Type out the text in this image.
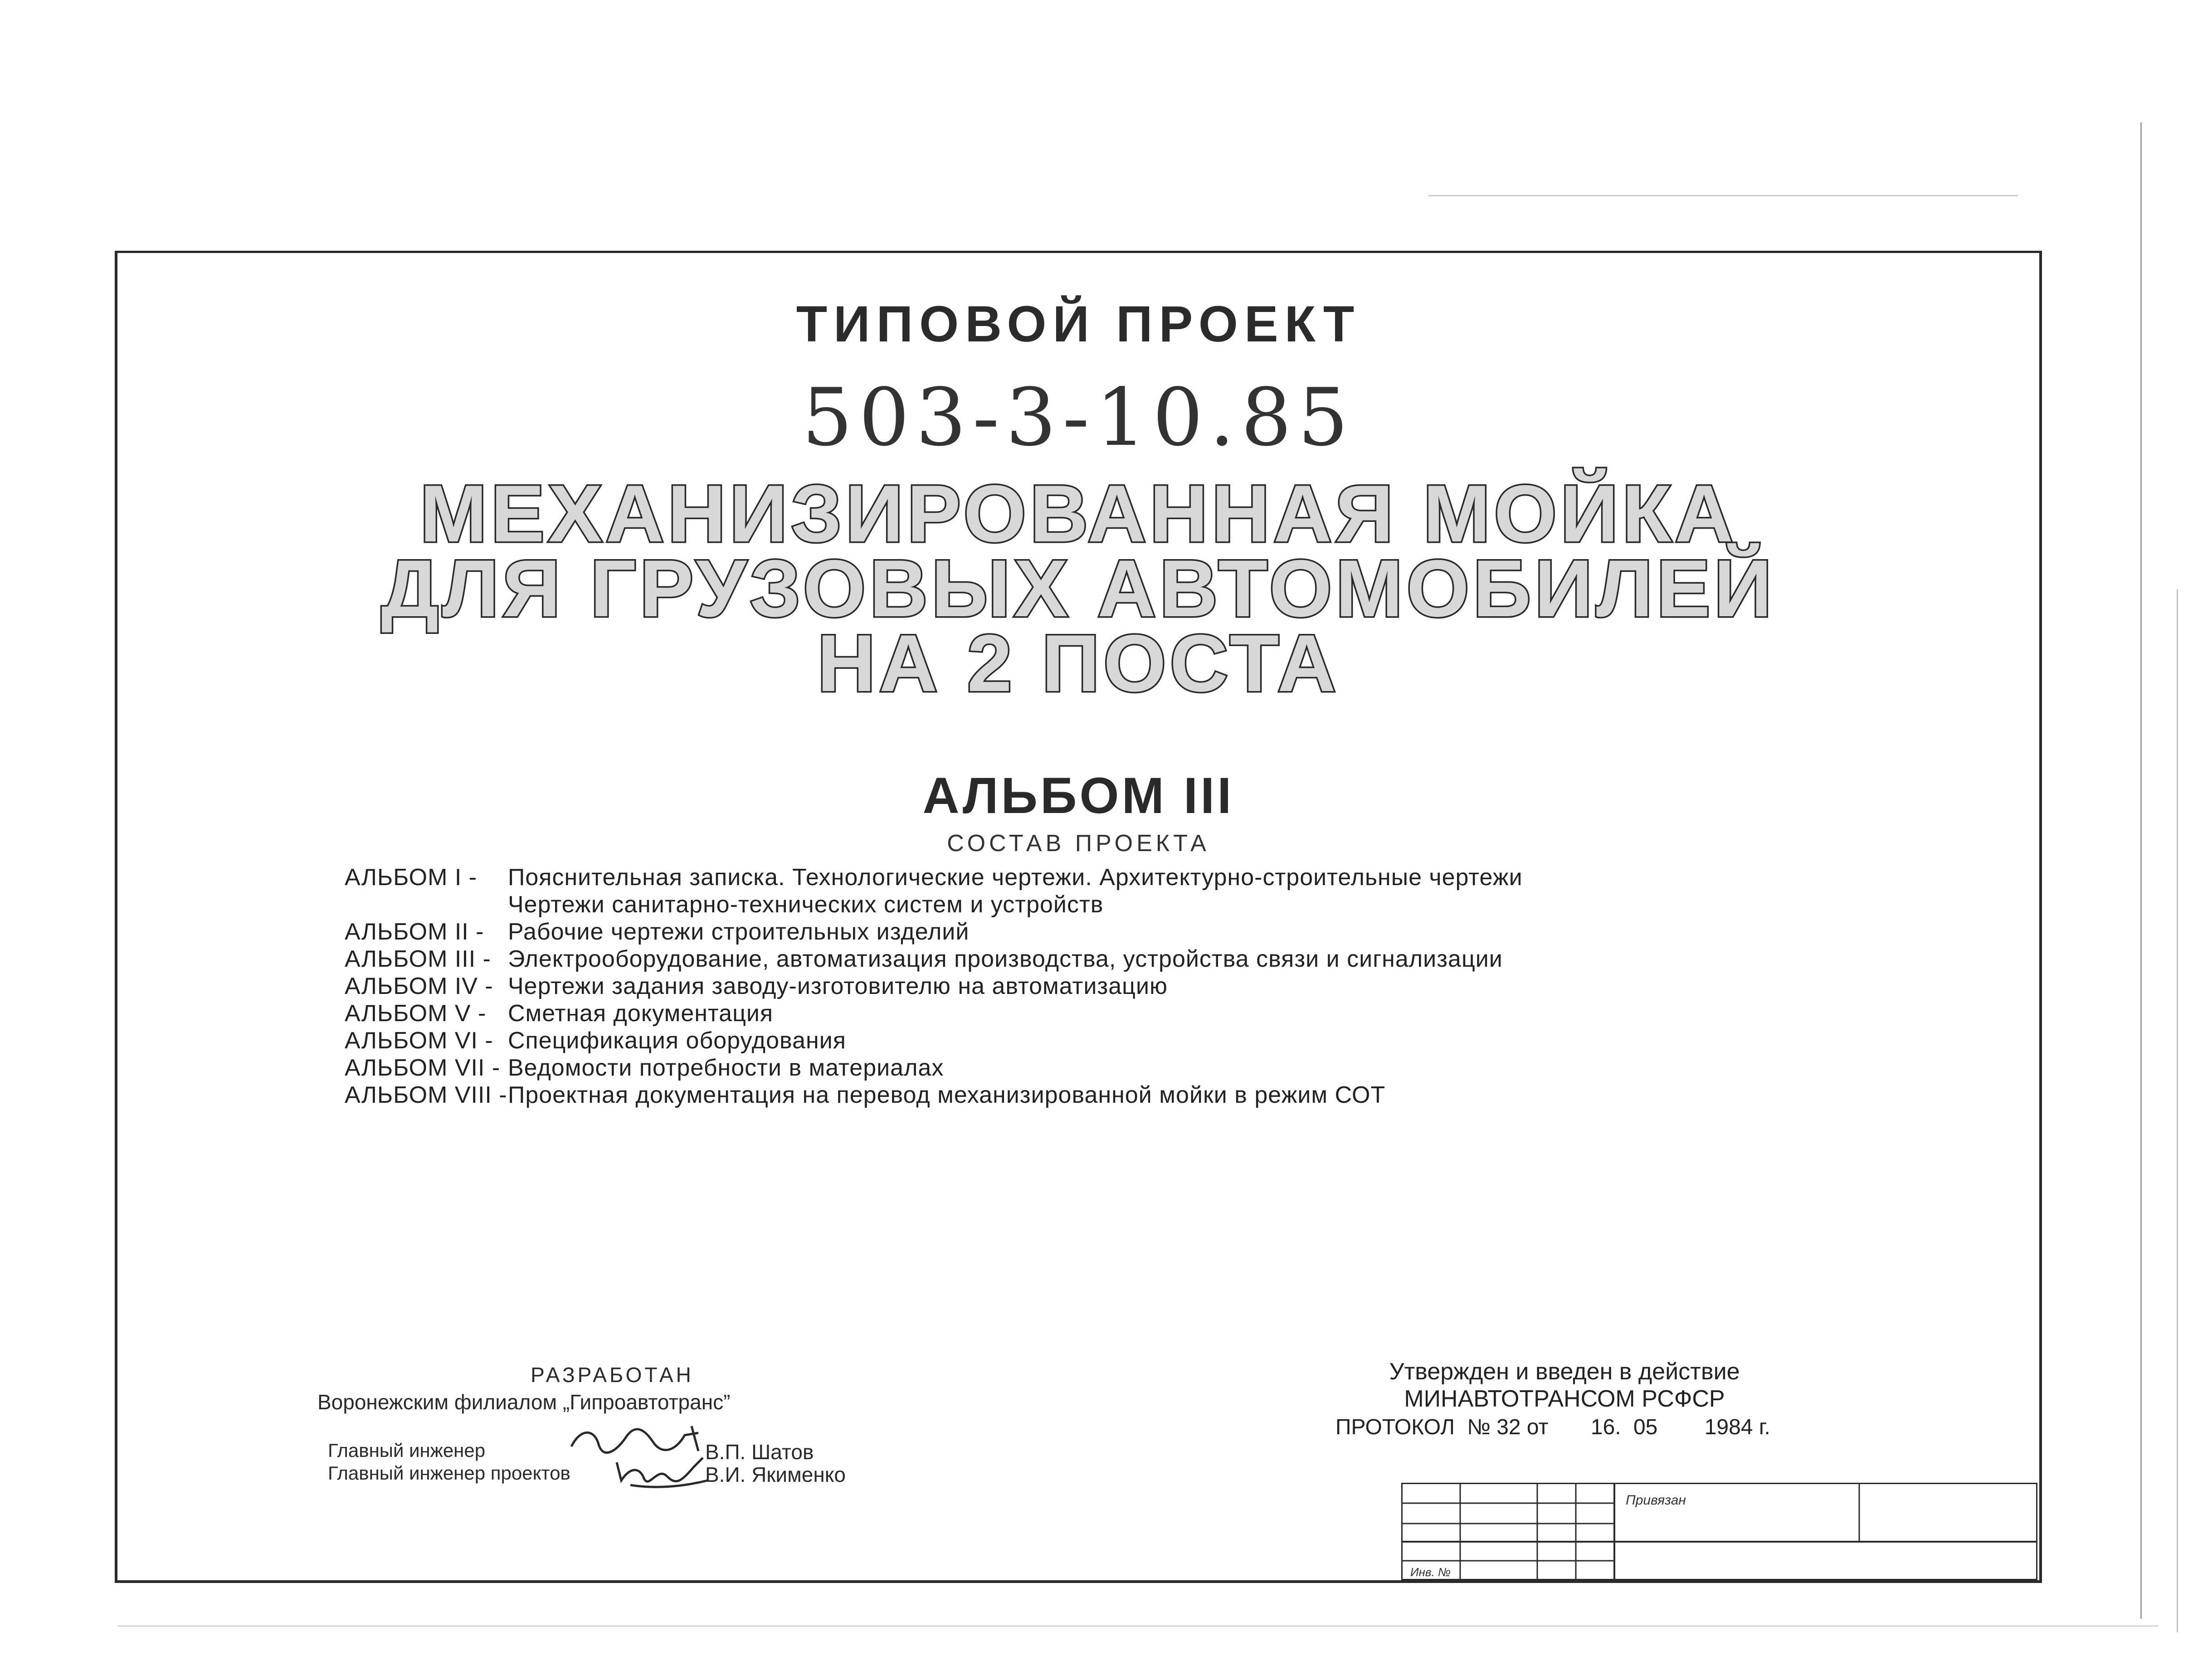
ТИПОВОЙ ПРОЕКТ
503-3-10.85
МЕХАНИЗИРОВАННАЯ МОЙКА
ДЛЯ ГРУЗОВЫХ АВТОМОБИЛЕЙ
НА 2 ПОСТА
АЛЬБОМ III
СОСТАВ ПРОЕКТА
АЛЬБОМ I -	Пояснительная записка. Технологические чертежи. Архитектурно-строительные чертежи
Чертежи санитарно-технических систем и устройств
АЛЬБОМ II -	Рабочие чертежи строительных изделий
АЛЬБОМ III - Электрооборудование, автоматизация производства, устройства связи и сигнализации
АЛЬБОМ IV - Чертежи задания заводу-изготовителю на автоматизацию
АЛЬБОМ V - Сметная документация
АЛЬБОМ VI - Спецификация оборудования
АЛЬБОМ VII - Ведомости потребности в материалах
АЛЬБОМ VIII - Проектная документация на перевод механизированной мойки в режим СОТ
РАЗРАБОТАН
Воронежским филиалом „Гипроавтотранс”
Главный инженер	В.П. Шатов
Главный инженер проектов	В.И. Якименко
Утвержден и введен в действие
МИНАВТОТРАНСОМ РСФСР
ПРОТОКОЛ № 32 от 16. 05 1984 г.
Привязан
Инв. №
